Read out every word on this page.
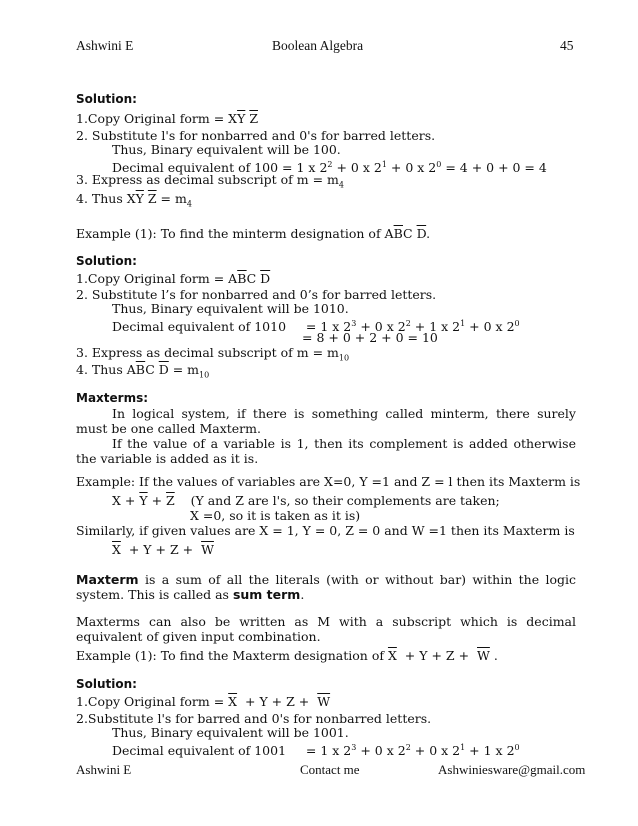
Ashwini E	Boolean Algebra	45
Solution:
1.Copy Original form = $X\overline{Y}$ $\overline{Z}$
2. Substitute l's for nonbarred and 0's for barred letters.
Thus, Binary equivalent will be 100.
Decimal equivalent of 100 = 1 x $2^2 + 0$ x $2^1 + 0$ x $2^0 = 4 + 0 + 0 = 4$
3. Express as decimal subscript of $m = m_4$
4. Thus $X\overline{Y}$ $\overline{Z} = m_4$
Example (1): To find the minterm designation of $A\overline{B}C$ $\overline{D}$.
Solution:
1.Copy Original form = $A\overline{B}C$ $\overline{D}$
2. Substitute l’s for nonbarred and 0’s for barred letters.
Thus, Binary equivalent will be 1010.
Decimal equivalent of 1010     = 1 x $2^3 + 0$ x $2^2 + 1$ x $2^1 + 0$ x $2^0$
= 8 + 0 + 2 + 0 = 10
3. Express as decimal subscript of $m = m_{10}$
4. Thus $A\overline{B}C$ $\overline{D} = m_{10}$
Maxterms:
In logical system, if there is something called minterm, there surely must be one called Maxterm.
If the value of a variable is 1, then its complement is added otherwise the variable is added as it is.
Example: If the values of variables are X=0, Y =1 and Z = l then its Maxterm is
$X + \overline{Y} + \overline{Z}$ (Y and Z are l's, so their complements are taken;
X =0, so it is taken as it is)
Similarly, if given values are X = 1, Y = 0, Z = 0 and W =1 then its Maxterm is
$\overline{X} + Y + Z + \overline{W}$
Maxterm is a sum of all the literals (with or without bar) within the logic system. This is called as sum term.
Maxterms can also be written as M with a subscript which is decimal equivalent of given input combination.
Example (1): To find the Maxterm designation of $\overline{X} + Y + Z + \overline{W}$ .
Solution:
1.Copy Original form = $\overline{X} + Y + Z + \overline{W}$
2.Substitute l's for barred and 0's for nonbarred letters.
Thus, Binary equivalent will be 1001.
Decimal equivalent of 1001     = 1 x $2^3 + 0$ x $2^2 + 0$ x $2^1 + 1$ x $2^0$
Ashwini E	Contact me	Ashwiniesware@gmail.com
